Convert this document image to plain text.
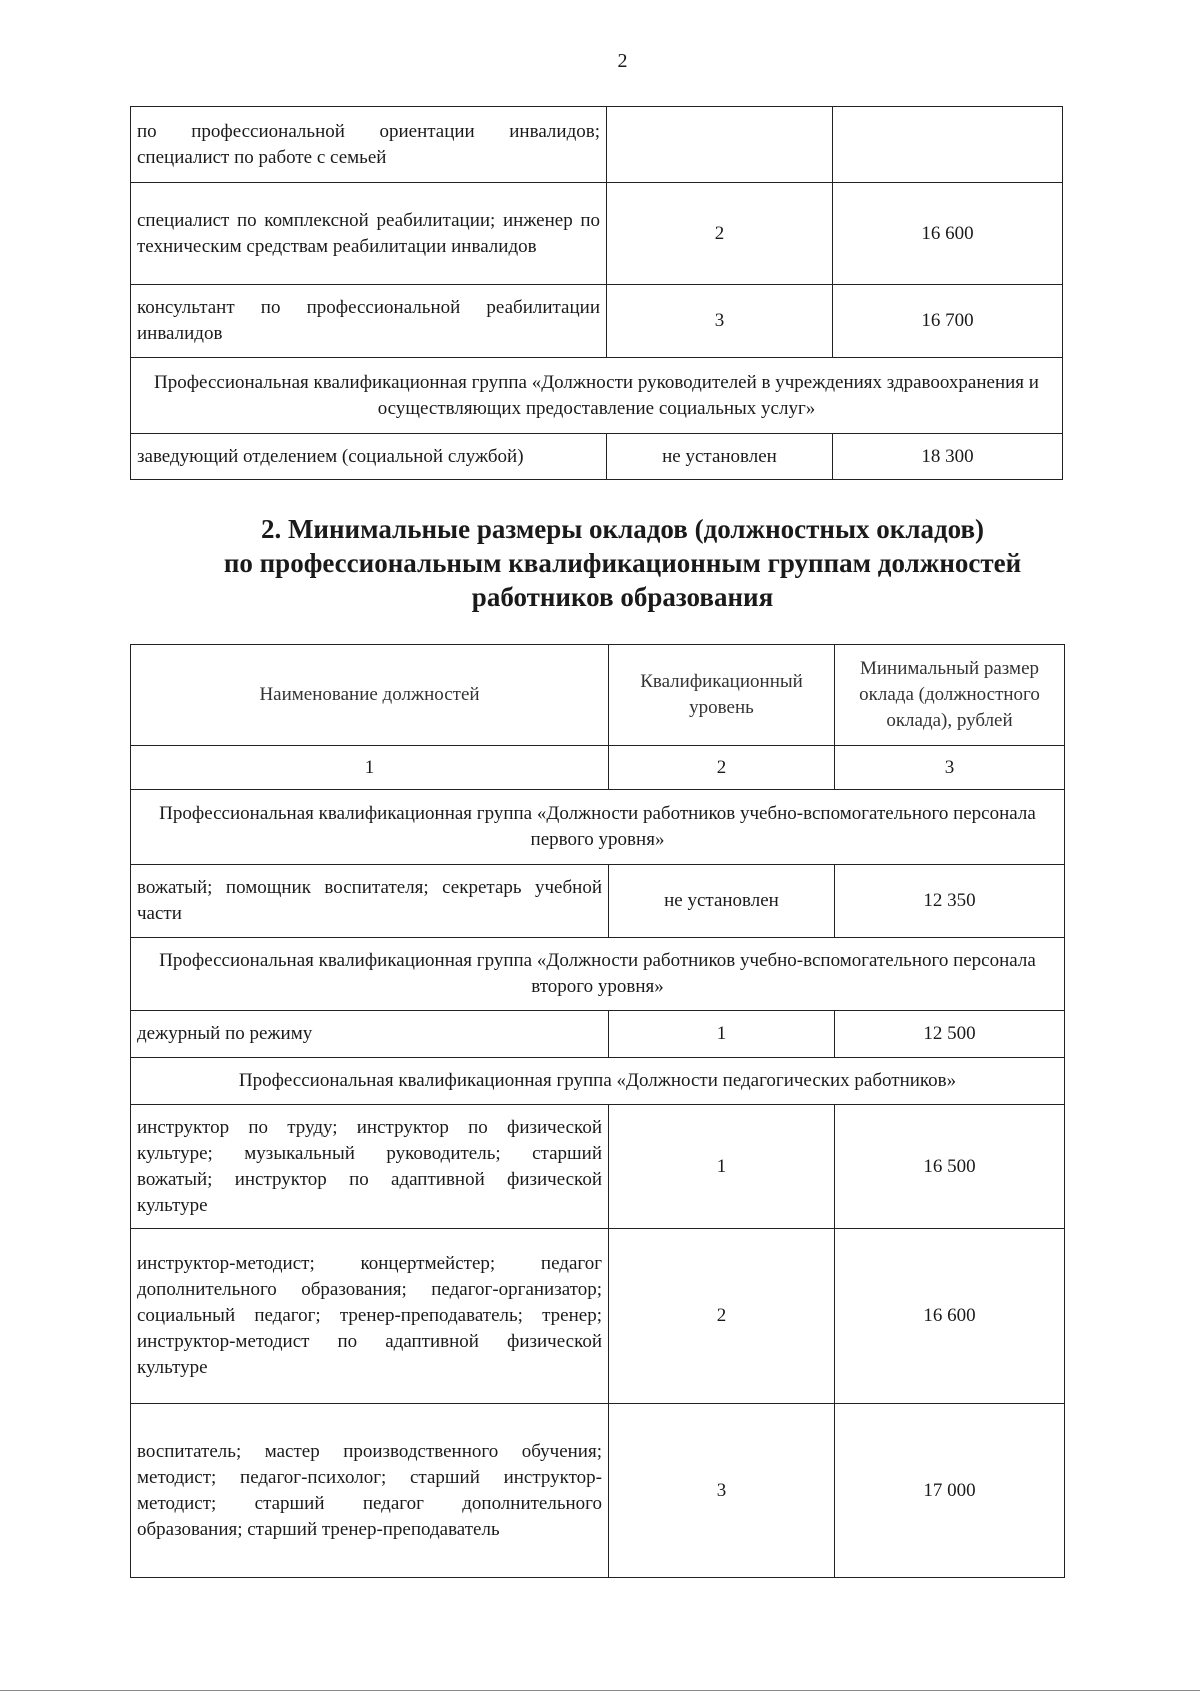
2
по профессиональной ориентации инвалидов; специалист по работе с семьей		
специалист по комплексной реабилитации; инженер по техническим средствам реабилитации инвалидов	2	16 600
консультант по профессиональной реабилитации инвалидов	3	16 700
Профессиональная квалификационная группа «Должности руководителей в учреждениях здравоохранения и осуществляющих предоставление социальных услуг»		
заведующий отделением (социальной службой)	не установлен	18 300
2. Минимальные размеры окладов (должностных окладов)
по профессиональным квалификационным группам должностей
работников образования
Наименование должностей	Квалификационный уровень	Минимальный размер оклада (должностного оклада), рублей
1	2	3
Профессиональная квалификационная группа «Должности работников учебно-вспомогательного персонала первого уровня»		
вожатый; помощник воспитателя; секретарь учебной части	не установлен	12 350
Профессиональная квалификационная группа «Должности работников учебно-вспомогательного персонала второго уровня»		
дежурный по режиму	1	12 500
Профессиональная квалификационная группа «Должности педагогических работников»		
инструктор по труду; инструктор по физической культуре; музыкальный руководитель; старший вожатый; инструктор по адаптивной физической культуре	1	16 500
инструктор-методист; концертмейстер; педагог дополнительного образования; педагог-организатор; социальный педагог; тренер-преподаватель; тренер; инструктор-методист по адаптивной физической культуре	2	16 600
воспитатель; мастер производственного обучения; методист; педагог-психолог; старший инструктор-методист; старший педагог дополнительного образования; старший тренер-преподаватель	3	17 000
